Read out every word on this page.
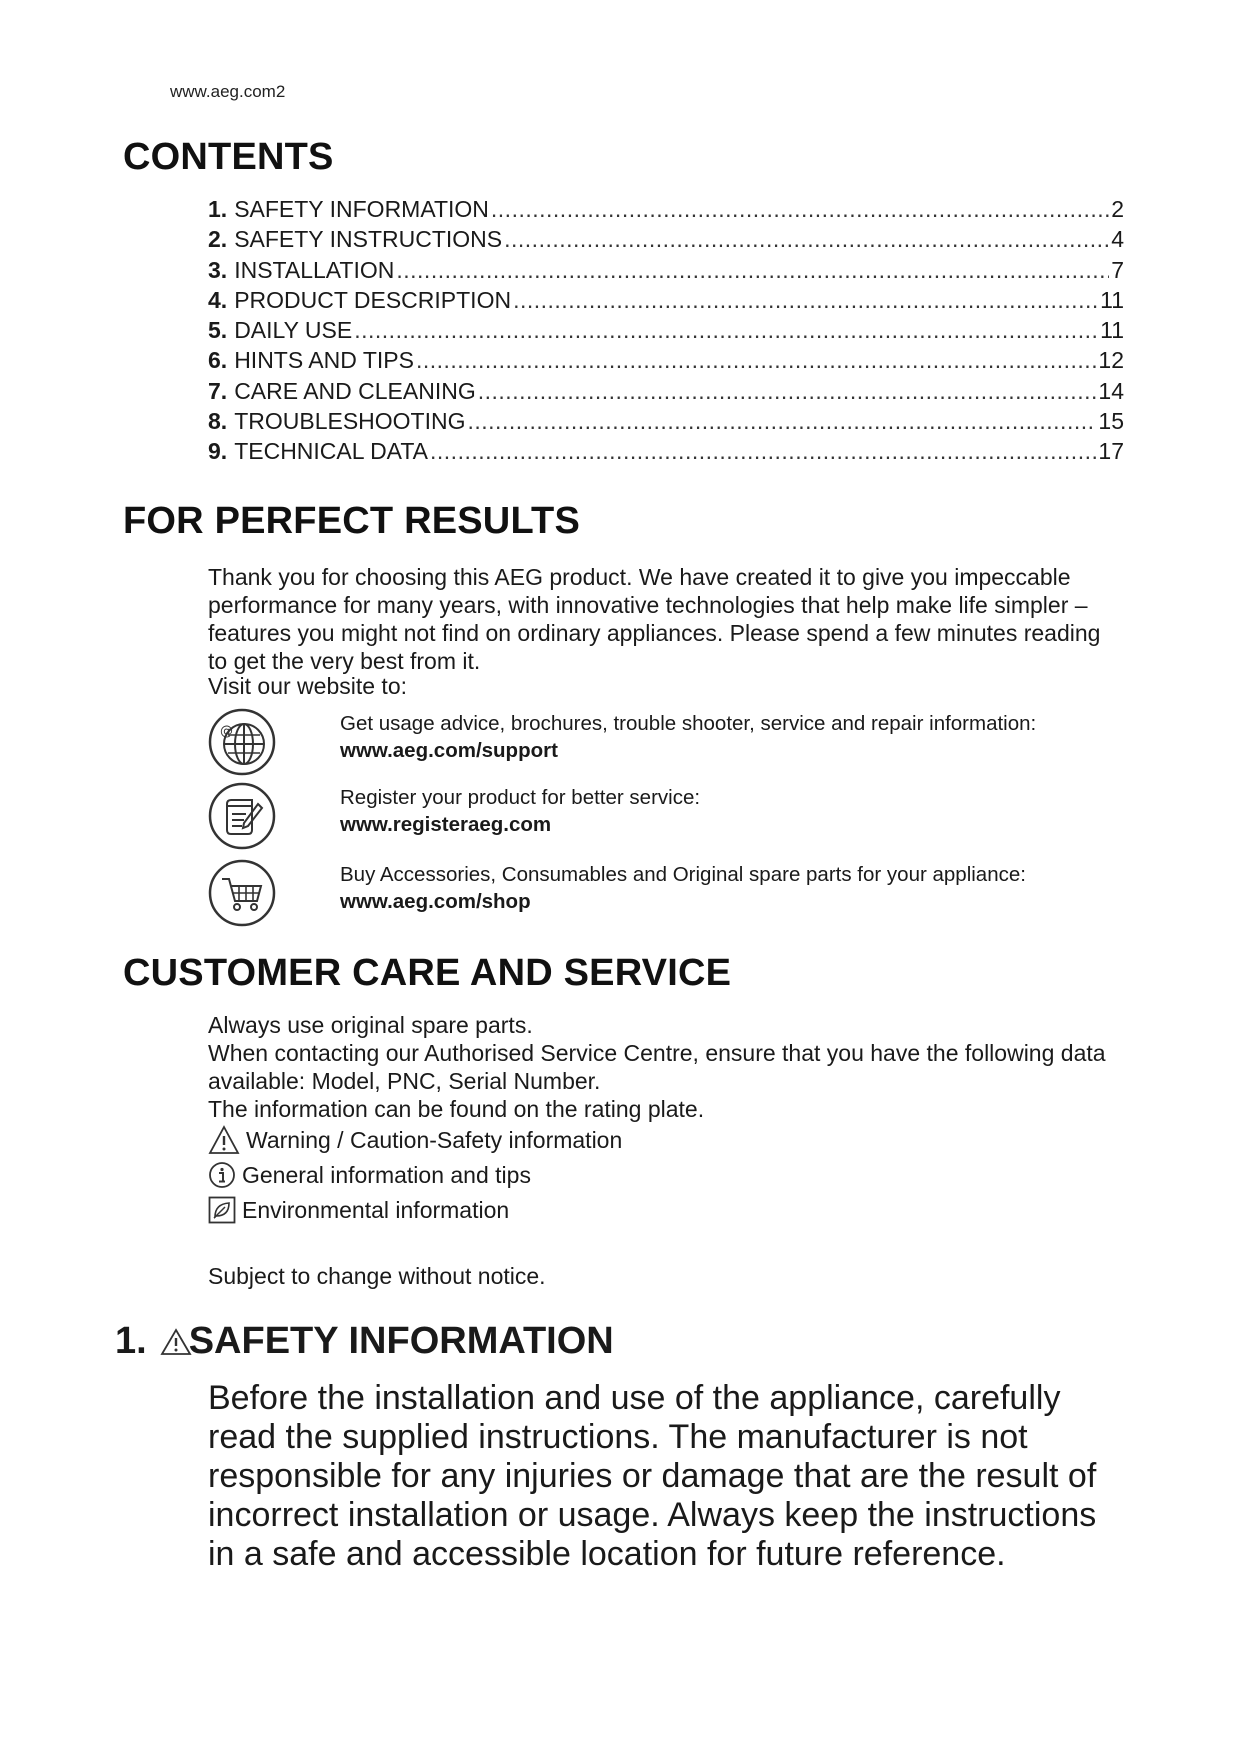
www.aeg.com2
CONTENTS
1. SAFETY INFORMATION .....	2
2. SAFETY INSTRUCTIONS .....	4
3. INSTALLATION .....	7
4. PRODUCT DESCRIPTION .....	11
5. DAILY USE .....	11
6. HINTS AND TIPS .....	12
7. CARE AND CLEANING .....	14
8. TROUBLESHOOTING .....	15
9. TECHNICAL DATA .....	17
FOR PERFECT RESULTS
Thank you for choosing this AEG product. We have created it to give you impeccable performance for many years, with innovative technologies that help make life simpler – features you might not find on ordinary appliances. Please spend a few minutes reading to get the very best from it.
Visit our website to:
@	Get usage advice, brochures, trouble shooter, service and repair information:
www.aeg.com/support
Register your product for better service:
www.registeraeg.com
Buy Accessories, Consumables and Original spare parts for your appliance:
www.aeg.com/shop
CUSTOMER CARE AND SERVICE
Always use original spare parts.
When contacting our Authorised Service Centre, ensure that you have the following data available: Model, PNC, Serial Number.
The information can be found on the rating plate.
Warning / Caution-Safety information
General information and tips
Environmental information
Subject to change without notice.
1. SAFETY INFORMATION
Before the installation and use of the appliance, carefully read the supplied instructions. The manufacturer is not responsible for any injuries or damage that are the result of incorrect installation or usage. Always keep the instructions in a safe and accessible location for future reference.
